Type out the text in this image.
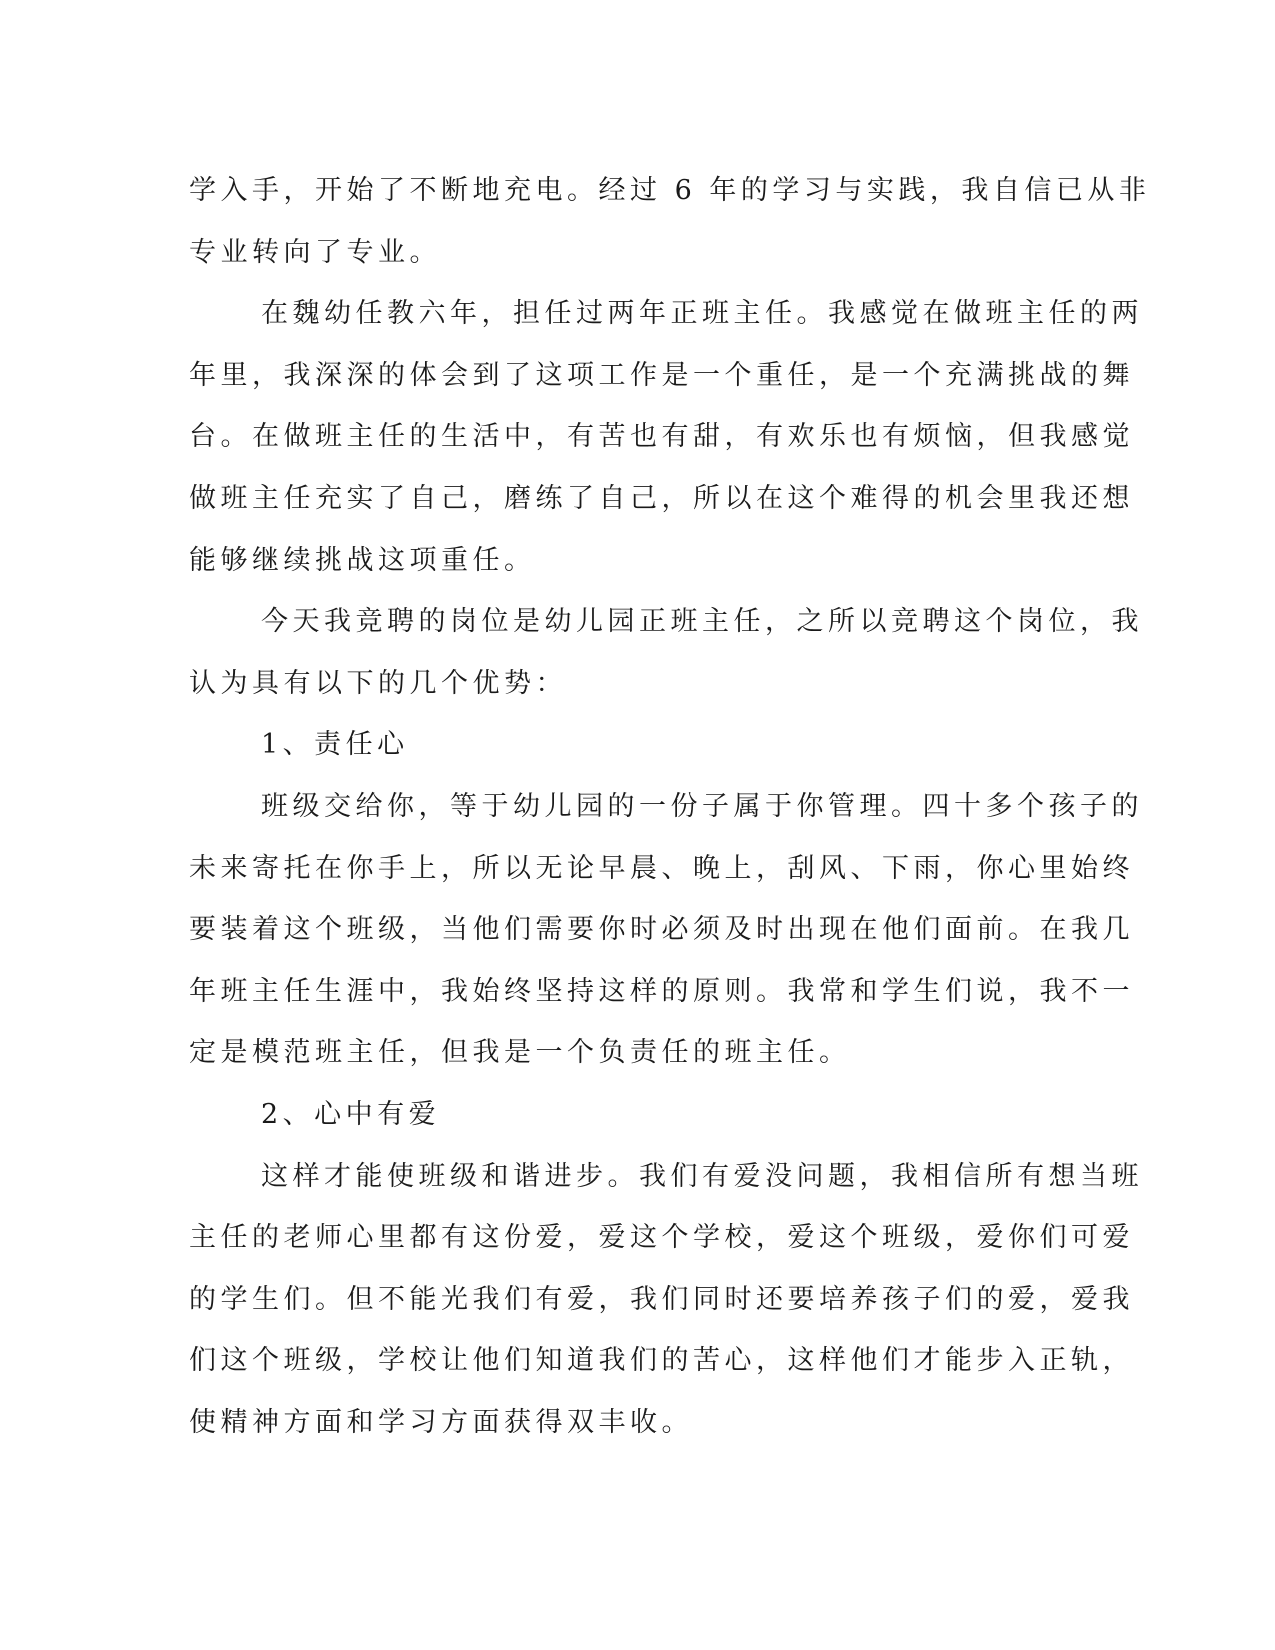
学入手，开始了不断地充电。经过 6 年的学习与实践，我自信已从非
专业转向了专业。
在魏幼任教六年，担任过两年正班主任。我感觉在做班主任的两
年里，我深深的体会到了这项工作是一个重任，是一个充满挑战的舞
台。在做班主任的生活中，有苦也有甜，有欢乐也有烦恼，但我感觉
做班主任充实了自己，磨练了自己，所以在这个难得的机会里我还想
能够继续挑战这项重任。
今天我竞聘的岗位是幼儿园正班主任，之所以竞聘这个岗位，我
认为具有以下的几个优势：
1、责任心
班级交给你，等于幼儿园的一份子属于你管理。四十多个孩子的
未来寄托在你手上，所以无论早晨、晚上，刮风、下雨，你心里始终
要装着这个班级，当他们需要你时必须及时出现在他们面前。在我几
年班主任生涯中，我始终坚持这样的原则。我常和学生们说，我不一
定是模范班主任，但我是一个负责任的班主任。
2、心中有爱
这样才能使班级和谐进步。我们有爱没问题，我相信所有想当班
主任的老师心里都有这份爱，爱这个学校，爱这个班级，爱你们可爱
的学生们。但不能光我们有爱，我们同时还要培养孩子们的爱，爱我
们这个班级，学校让他们知道我们的苦心，这样他们才能步入正轨，
使精神方面和学习方面获得双丰收。
